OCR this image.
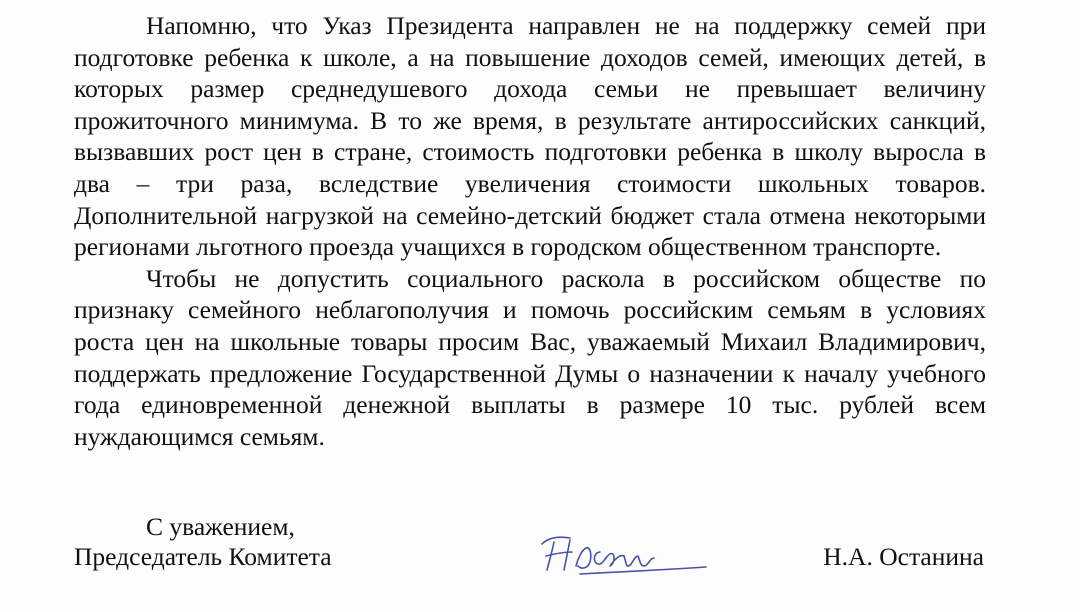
Напомню, что Указ Президента направлен не на поддержку семей при подготовке ребенка к школе, а на повышение доходов семей, имеющих детей, в которых размер среднедушевого дохода семьи не превышает величину прожиточного минимума. В то же время, в результате антироссийских санкций, вызвавших рост цен в стране, стоимость подготовки ребенка в школу выросла в два – три раза, вследствие увеличения стоимости школьных товаров. Дополнительной нагрузкой на семейно-детский бюджет стала отмена некоторыми регионами льготного проезда учащихся в городском общественном транспорте.

Чтобы не допустить социального раскола в российском обществе по признаку семейного неблагополучия и помочь российским семьям в условиях роста цен на школьные товары просим Вас, уважаемый Михаил Владимирович, поддержать предложение Государственной Думы о назначении к началу учебного года единовременной денежной выплаты в размере 10 тыс. рублей всем нуждающимся семьям.

С уважением,
Председатель Комитета	Н.А. Останина
